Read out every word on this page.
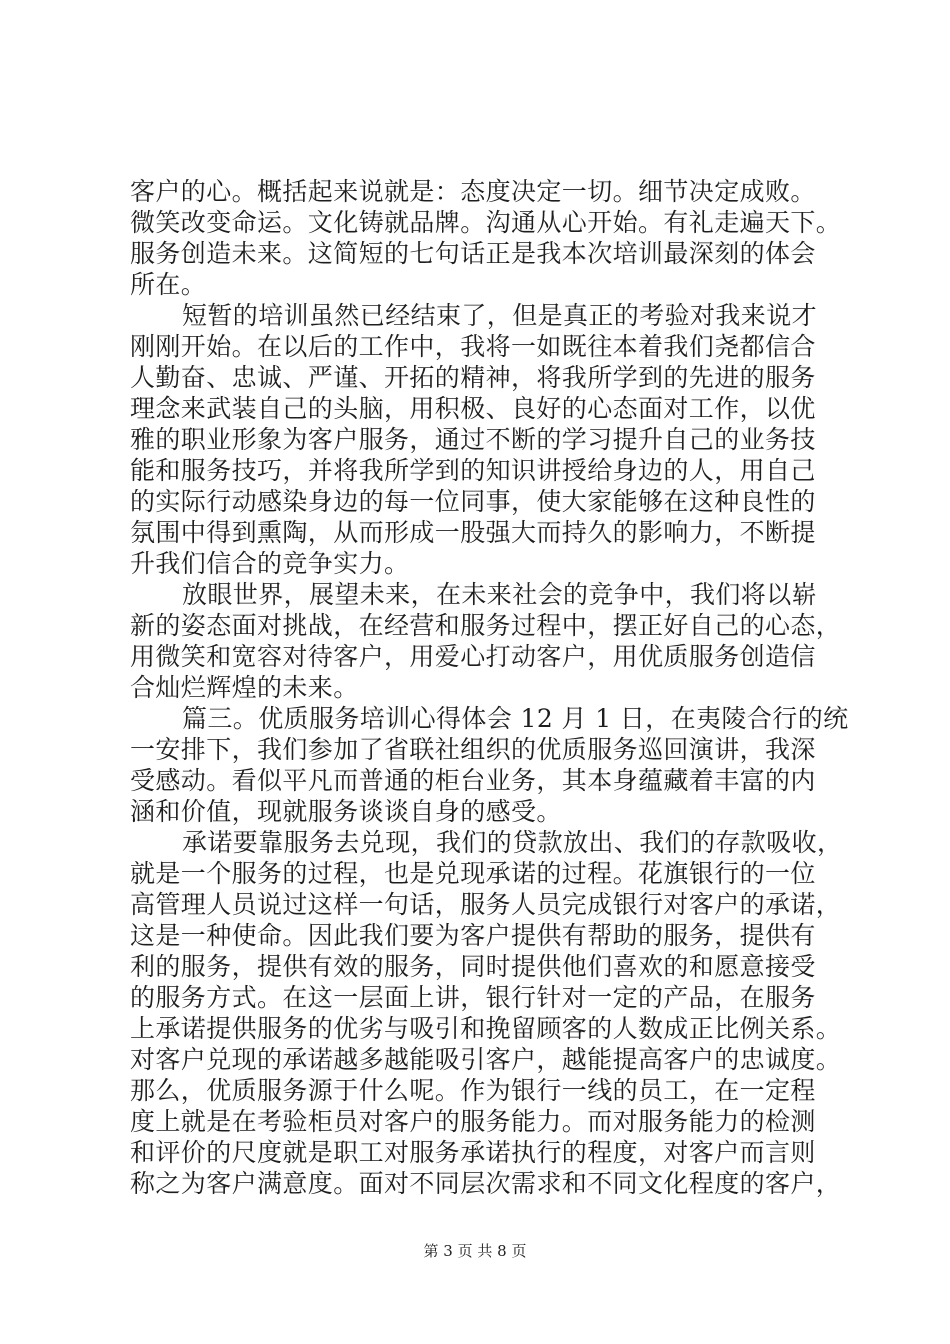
客户的心。概括起来说就是：态度决定一切。细节决定成败。
微笑改变命运。文化铸就品牌。沟通从心开始。有礼走遍天下。
服务创造未来。这简短的七句话正是我本次培训最深刻的体会
所在。
短暂的培训虽然已经结束了，但是真正的考验对我来说才
刚刚开始。在以后的工作中，我将一如既往本着我们尧都信合
人勤奋、忠诚、严谨、开拓的精神，将我所学到的先进的服务
理念来武装自己的头脑，用积极、良好的心态面对工作，以优
雅的职业形象为客户服务，通过不断的学习提升自己的业务技
能和服务技巧，并将我所学到的知识讲授给身边的人，用自己
的实际行动感染身边的每一位同事，使大家能够在这种良性的
氛围中得到熏陶，从而形成一股强大而持久的影响力，不断提
升我们信合的竞争实力。
放眼世界，展望未来，在未来社会的竞争中，我们将以崭
新的姿态面对挑战，在经营和服务过程中，摆正好自己的心态，
用微笑和宽容对待客户，用爱心打动客户，用优质服务创造信
合灿烂辉煌的未来。
篇三。优质服务培训心得体会 12 月 1 日，在夷陵合行的统
一安排下，我们参加了省联社组织的优质服务巡回演讲，我深
受感动。看似平凡而普通的柜台业务，其本身蕴藏着丰富的内
涵和价值，现就服务谈谈自身的感受。
承诺要靠服务去兑现，我们的贷款放出、我们的存款吸收，
就是一个服务的过程，也是兑现承诺的过程。花旗银行的一位
高管理人员说过这样一句话，服务人员完成银行对客户的承诺，
这是一种使命。因此我们要为客户提供有帮助的服务，提供有
利的服务，提供有效的服务，同时提供他们喜欢的和愿意接受
的服务方式。在这一层面上讲，银行针对一定的产品，在服务
上承诺提供服务的优劣与吸引和挽留顾客的人数成正比例关系。
对客户兑现的承诺越多越能吸引客户，越能提高客户的忠诚度。
那么，优质服务源于什么呢。作为银行一线的员工，在一定程
度上就是在考验柜员对客户的服务能力。而对服务能力的检测
和评价的尺度就是职工对服务承诺执行的程度，对客户而言则
称之为客户满意度。面对不同层次需求和不同文化程度的客户，
第 3 页 共 8 页
